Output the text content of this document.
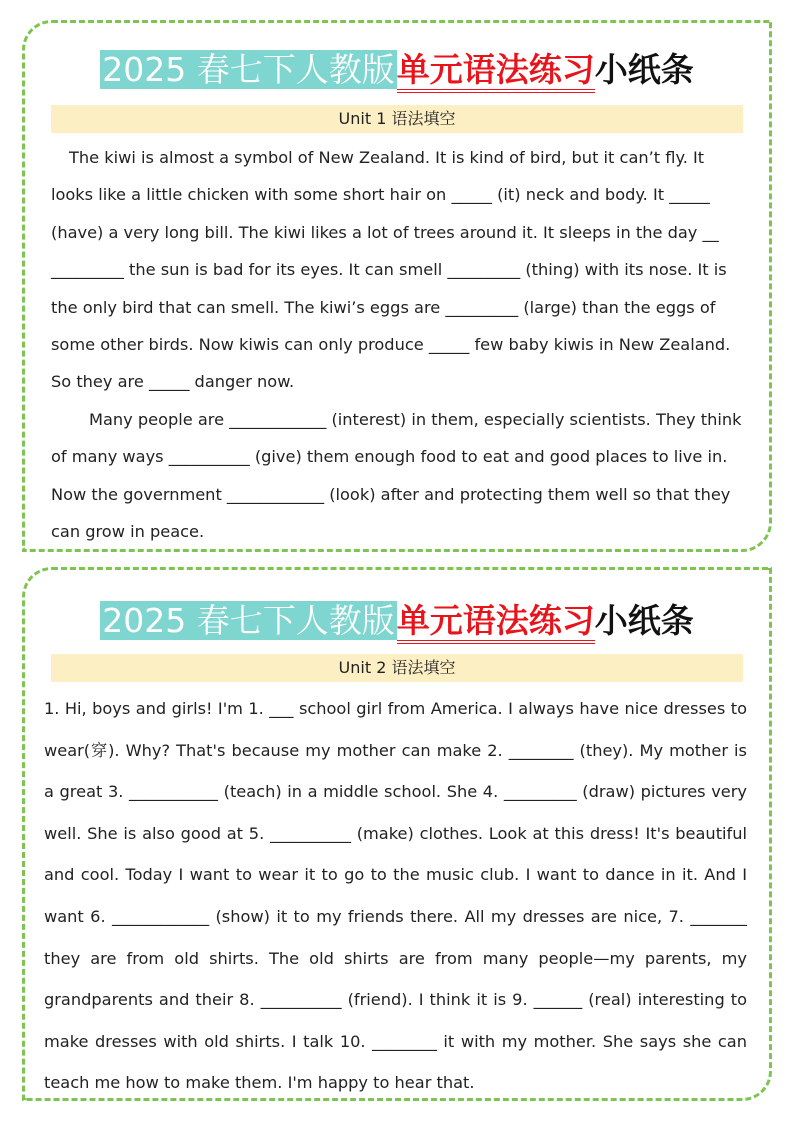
2025 春七下人教版单元语法练习小纸条
Unit 1 语法填空

The kiwi is almost a symbol of New Zealand. It is kind of bird, but it can’t fly. It looks like a little chicken with some short hair on _____ (it) neck and body. It _____ (have) a very long bill. The kiwi likes a lot of trees around it. It sleeps in the day __ _________ the sun is bad for its eyes. It can smell _________ (thing) with its nose. It is the only bird that can smell. The kiwi’s eggs are _________ (large) than the eggs of some other birds. Now kiwis can only produce _____ few baby kiwis in New Zealand. So they are _____ danger now.

Many people are ____________ (interest) in them, especially scientists. They think of many ways __________ (give) them enough food to eat and good places to live in. Now the government ____________ (look) after and protecting them well so that they can grow in peace.

2025 春七下人教版单元语法练习小纸条
Unit 2 语法填空

1. Hi, boys and girls! I'm 1. ___ school girl from America. I always have nice dresses to wear(穿). Why? That's because my mother can make 2. ________ (they). My mother is a great 3. ___________ (teach) in a middle school. She 4. _________ (draw) pictures very well. She is also good at 5. __________ (make) clothes. Look at this dress! It's beautiful and cool. Today I want to wear it to go to the music club. I want to dance in it. And I want 6. ____________ (show) it to my friends there. All my dresses are nice, 7. _______ they are from old shirts. The old shirts are from many people—my parents, my grandparents and their 8. __________ (friend). I think it is 9. ______ (real) interesting to make dresses with old shirts. I talk 10. ________ it with my mother. She says she can teach me how to make them. I'm happy to hear that.
